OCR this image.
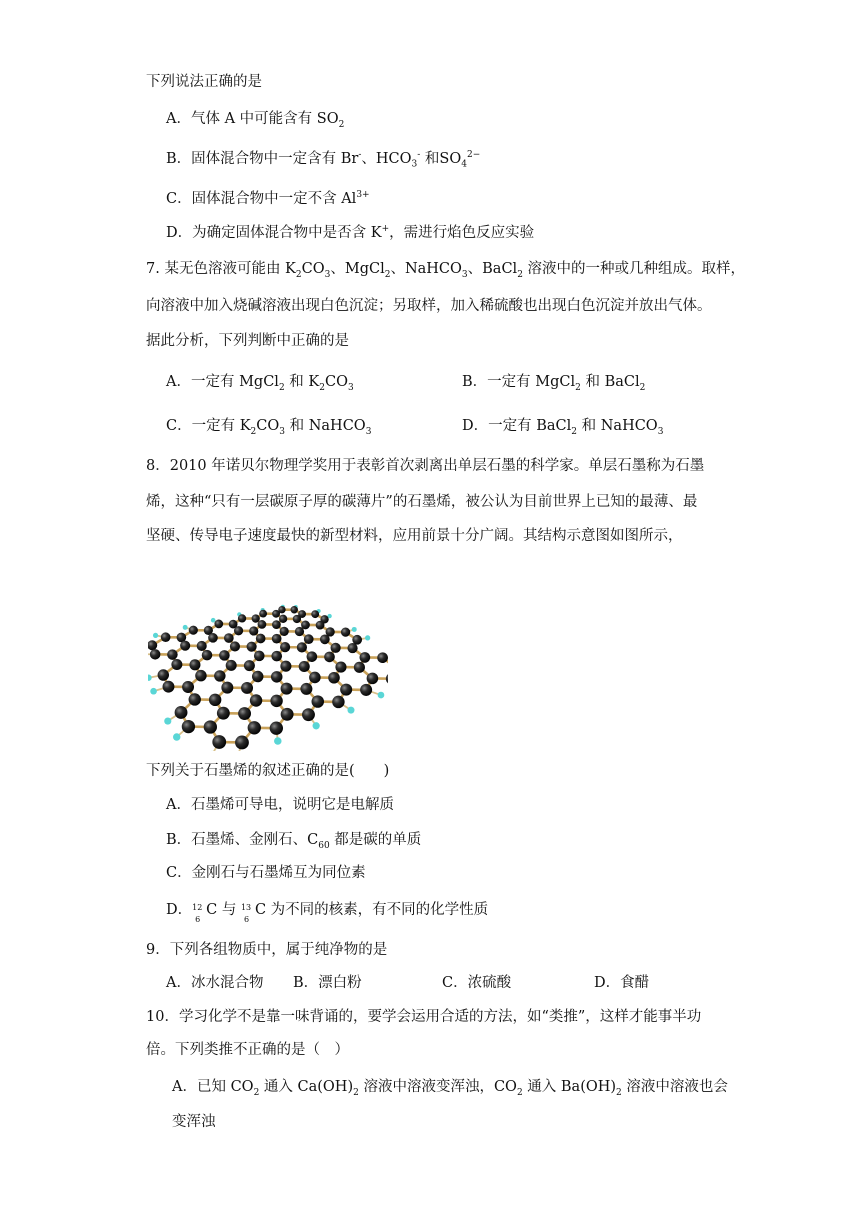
下列说法正确的是
A．气体 A 中可能含有 $SO_2$
B．固体混合物中一定含有 Br-、$HCO_3^-$ 和$SO_4^{2-}$
C．固体混合物中一定不含 $Al^{3+}$
D．为确定固体混合物中是否含 K+，需进行焰色反应实验
7. 某无色溶液可能由 $K_2CO_3$、MgCl$_2$、NaHCO$_3$、BaCl$_2$ 溶液中的一种或几种组成。取样，
向溶液中加入烧碱溶液出现白色沉淀；另取样，加入稀硫酸也出现白色沉淀并放出气体。
据此分析，下列判断中正确的是
A．一定有 MgCl$_2$ 和 $K_2CO_3$	B．一定有 MgCl$_2$ 和 BaCl$_2$
C．一定有 $K_2CO_3$ 和 NaHCO$_3$	D．一定有 BaCl$_2$ 和 NaHCO$_3$
8．2010 年诺贝尔物理学奖用于表彰首次剥离出单层石墨的科学家。单层石墨称为石墨
烯，这种“只有一层碳原子厚的碳薄片”的石墨烯，被公认为目前世界上已知的最薄、最
坚硬、传导电子速度最快的新型材料，应用前景十分广阔。其结构示意图如图所示，
下列关于石墨烯的叙述正确的是(　　)
A．石墨烯可导电，说明它是电解质
B．石墨烯、金刚石、$C_{60}$ 都是碳的单质
C．金刚石与石墨烯互为同位素
D． 12
6
C 与 13
6
C 为不同的核素，有不同的化学性质
9．下列各组物质中，属于纯净物的是
A．冰水混合物 B．漂白粉	C．浓硫酸	D．食醋
10．学习化学不是靠一味背诵的，要学会运用合适的方法，如“类推”，这样才能事半功
倍。下列类推不正确的是（　）
A．已知 $CO_2$ 通入 $Ca(OH)_2$ 溶液中溶液变浑浊，$CO_2$ 通入 $Ba(OH)_2$ 溶液中溶液也会
变浑浊
